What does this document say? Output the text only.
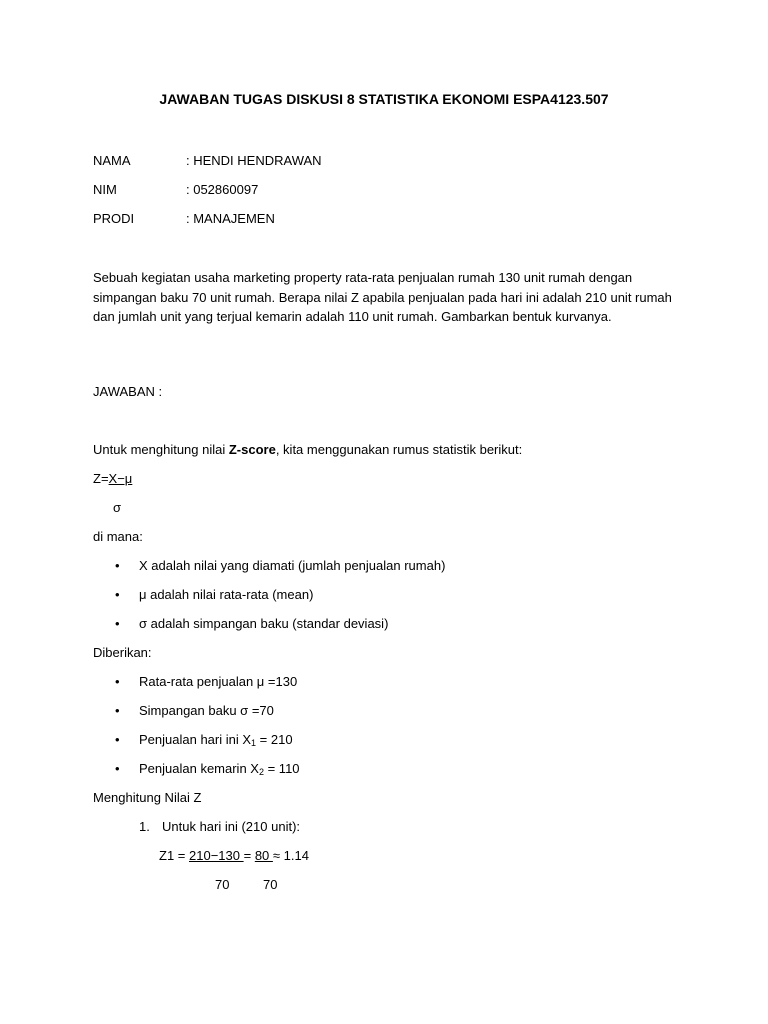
JAWABAN TUGAS DISKUSI 8 STATISTIKA EKONOMI ESPA4123.507
NAMA	: HENDI HENDRAWAN
NIM	: 052860097
PRODI	: MANAJEMEN
Sebuah kegiatan usaha marketing property rata-rata penjualan rumah 130 unit rumah dengan simpangan baku 70 unit rumah. Berapa nilai Z apabila penjualan pada hari ini adalah 210 unit rumah dan jumlah unit yang terjual kemarin adalah 110 unit rumah. Gambarkan bentuk kurvanya.
JAWABAN :
Untuk menghitung nilai Z-score, kita menggunakan rumus statistik berikut:
Z=X−μ
σ
di mana:
• X adalah nilai yang diamati (jumlah penjualan rumah)
• μ adalah nilai rata-rata (mean)
• σ adalah simpangan baku (standar deviasi)
Diberikan:
• Rata-rata penjualan μ =130
• Simpangan baku σ =70
• Penjualan hari ini $X_1 = 210$
• Penjualan kemarin $X_2 = 110$
Menghitung Nilai Z
1. Untuk hari ini (210 unit):
Z1 = 210−130 = 80 ≈ 1.14
70	70
